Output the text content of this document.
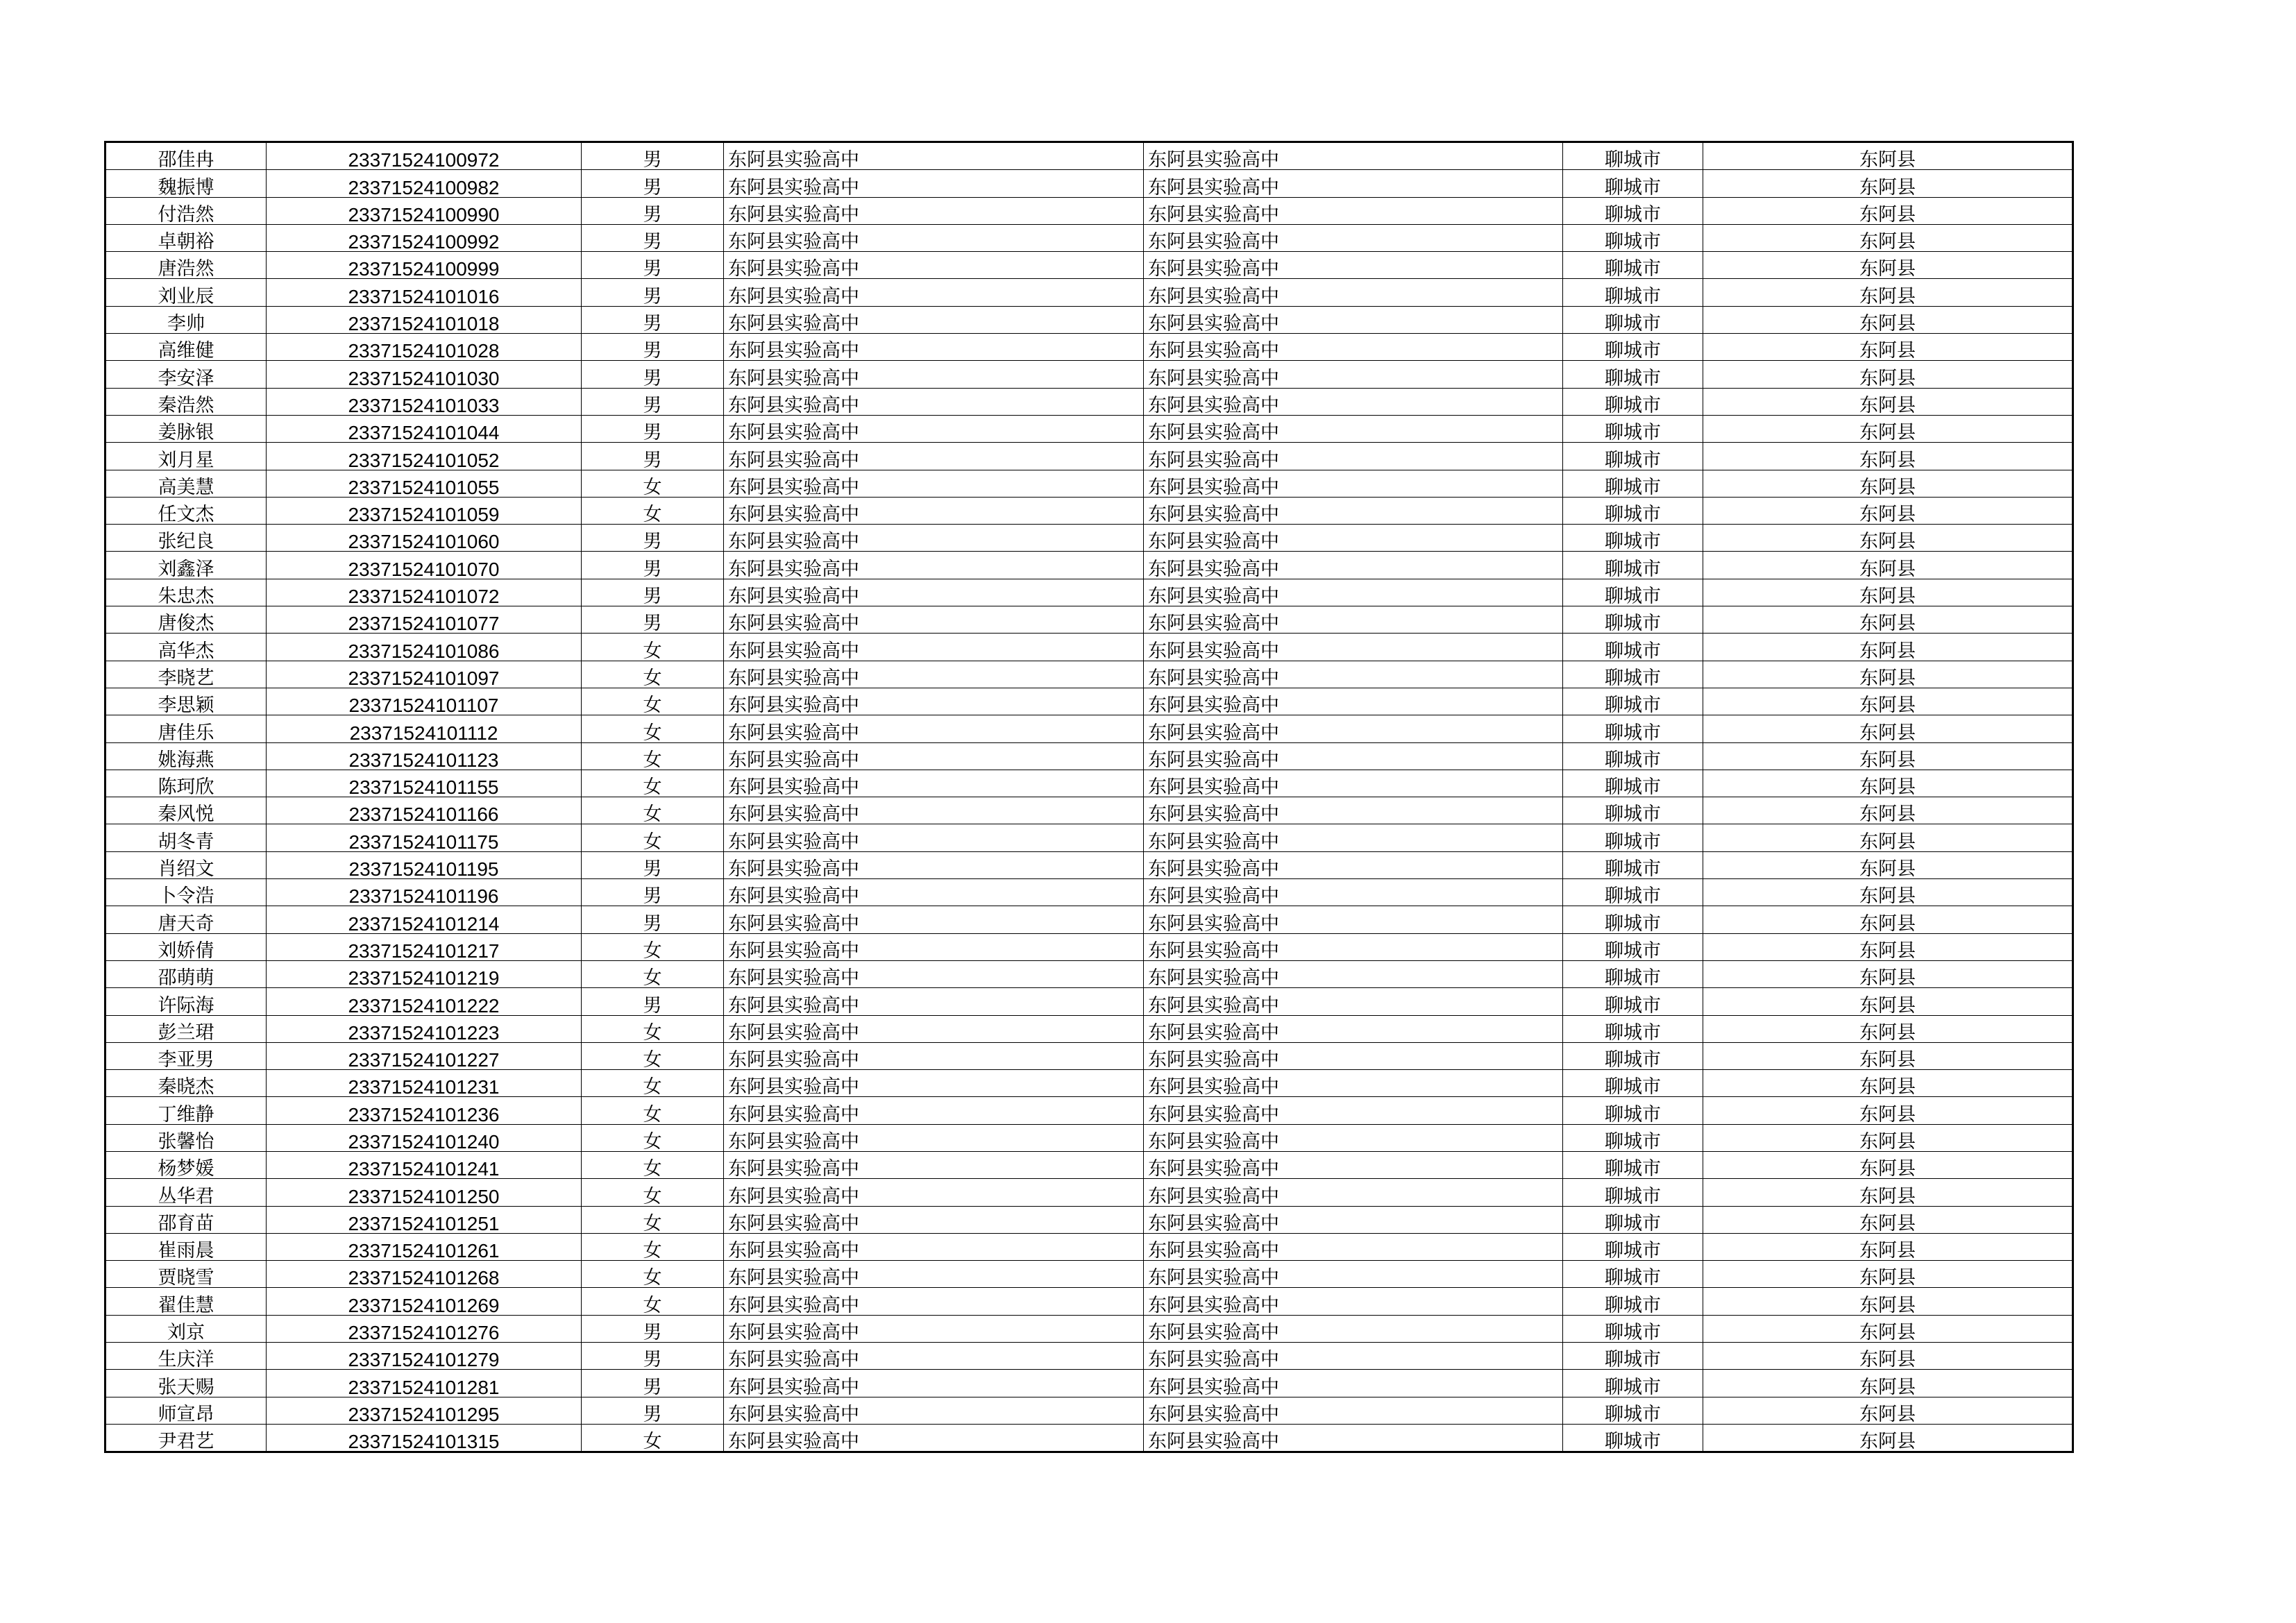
邵佳冉	23371524100972	男	东阿县实验高中	东阿县实验高中	聊城市	东阿县
魏振博	23371524100982	男	东阿县实验高中	东阿县实验高中	聊城市	东阿县
付浩然	23371524100990	男	东阿县实验高中	东阿县实验高中	聊城市	东阿县
卓朝裕	23371524100992	男	东阿县实验高中	东阿县实验高中	聊城市	东阿县
唐浩然	23371524100999	男	东阿县实验高中	东阿县实验高中	聊城市	东阿县
刘业辰	23371524101016	男	东阿县实验高中	东阿县实验高中	聊城市	东阿县
李帅	23371524101018	男	东阿县实验高中	东阿县实验高中	聊城市	东阿县
高维健	23371524101028	男	东阿县实验高中	东阿县实验高中	聊城市	东阿县
李安泽	23371524101030	男	东阿县实验高中	东阿县实验高中	聊城市	东阿县
秦浩然	23371524101033	男	东阿县实验高中	东阿县实验高中	聊城市	东阿县
姜脉银	23371524101044	男	东阿县实验高中	东阿县实验高中	聊城市	东阿县
刘月星	23371524101052	男	东阿县实验高中	东阿县实验高中	聊城市	东阿县
高美慧	23371524101055	女	东阿县实验高中	东阿县实验高中	聊城市	东阿县
任文杰	23371524101059	女	东阿县实验高中	东阿县实验高中	聊城市	东阿县
张纪良	23371524101060	男	东阿县实验高中	东阿县实验高中	聊城市	东阿县
刘鑫泽	23371524101070	男	东阿县实验高中	东阿县实验高中	聊城市	东阿县
朱忠杰	23371524101072	男	东阿县实验高中	东阿县实验高中	聊城市	东阿县
唐俊杰	23371524101077	男	东阿县实验高中	东阿县实验高中	聊城市	东阿县
高华杰	23371524101086	女	东阿县实验高中	东阿县实验高中	聊城市	东阿县
李晓艺	23371524101097	女	东阿县实验高中	东阿县实验高中	聊城市	东阿县
李思颖	23371524101107	女	东阿县实验高中	东阿县实验高中	聊城市	东阿县
唐佳乐	23371524101112	女	东阿县实验高中	东阿县实验高中	聊城市	东阿县
姚海燕	23371524101123	女	东阿县实验高中	东阿县实验高中	聊城市	东阿县
陈珂欣	23371524101155	女	东阿县实验高中	东阿县实验高中	聊城市	东阿县
秦风悦	23371524101166	女	东阿县实验高中	东阿县实验高中	聊城市	东阿县
胡冬青	23371524101175	女	东阿县实验高中	东阿县实验高中	聊城市	东阿县
肖绍文	23371524101195	男	东阿县实验高中	东阿县实验高中	聊城市	东阿县
卜令浩	23371524101196	男	东阿县实验高中	东阿县实验高中	聊城市	东阿县
唐天奇	23371524101214	男	东阿县实验高中	东阿县实验高中	聊城市	东阿县
刘娇倩	23371524101217	女	东阿县实验高中	东阿县实验高中	聊城市	东阿县
邵萌萌	23371524101219	女	东阿县实验高中	东阿县实验高中	聊城市	东阿县
许际海	23371524101222	男	东阿县实验高中	东阿县实验高中	聊城市	东阿县
彭兰珺	23371524101223	女	东阿县实验高中	东阿县实验高中	聊城市	东阿县
李亚男	23371524101227	女	东阿县实验高中	东阿县实验高中	聊城市	东阿县
秦晓杰	23371524101231	女	东阿县实验高中	东阿县实验高中	聊城市	东阿县
丁维静	23371524101236	女	东阿县实验高中	东阿县实验高中	聊城市	东阿县
张馨怡	23371524101240	女	东阿县实验高中	东阿县实验高中	聊城市	东阿县
杨梦媛	23371524101241	女	东阿县实验高中	东阿县实验高中	聊城市	东阿县
丛华君	23371524101250	女	东阿县实验高中	东阿县实验高中	聊城市	东阿县
邵育苗	23371524101251	女	东阿县实验高中	东阿县实验高中	聊城市	东阿县
崔雨晨	23371524101261	女	东阿县实验高中	东阿县实验高中	聊城市	东阿县
贾晓雪	23371524101268	女	东阿县实验高中	东阿县实验高中	聊城市	东阿县
翟佳慧	23371524101269	女	东阿县实验高中	东阿县实验高中	聊城市	东阿县
刘京	23371524101276	男	东阿县实验高中	东阿县实验高中	聊城市	东阿县
生庆洋	23371524101279	男	东阿县实验高中	东阿县实验高中	聊城市	东阿县
张天赐	23371524101281	男	东阿县实验高中	东阿县实验高中	聊城市	东阿县
师宣昂	23371524101295	男	东阿县实验高中	东阿县实验高中	聊城市	东阿县
尹君艺	23371524101315	女	东阿县实验高中	东阿县实验高中	聊城市	东阿县
